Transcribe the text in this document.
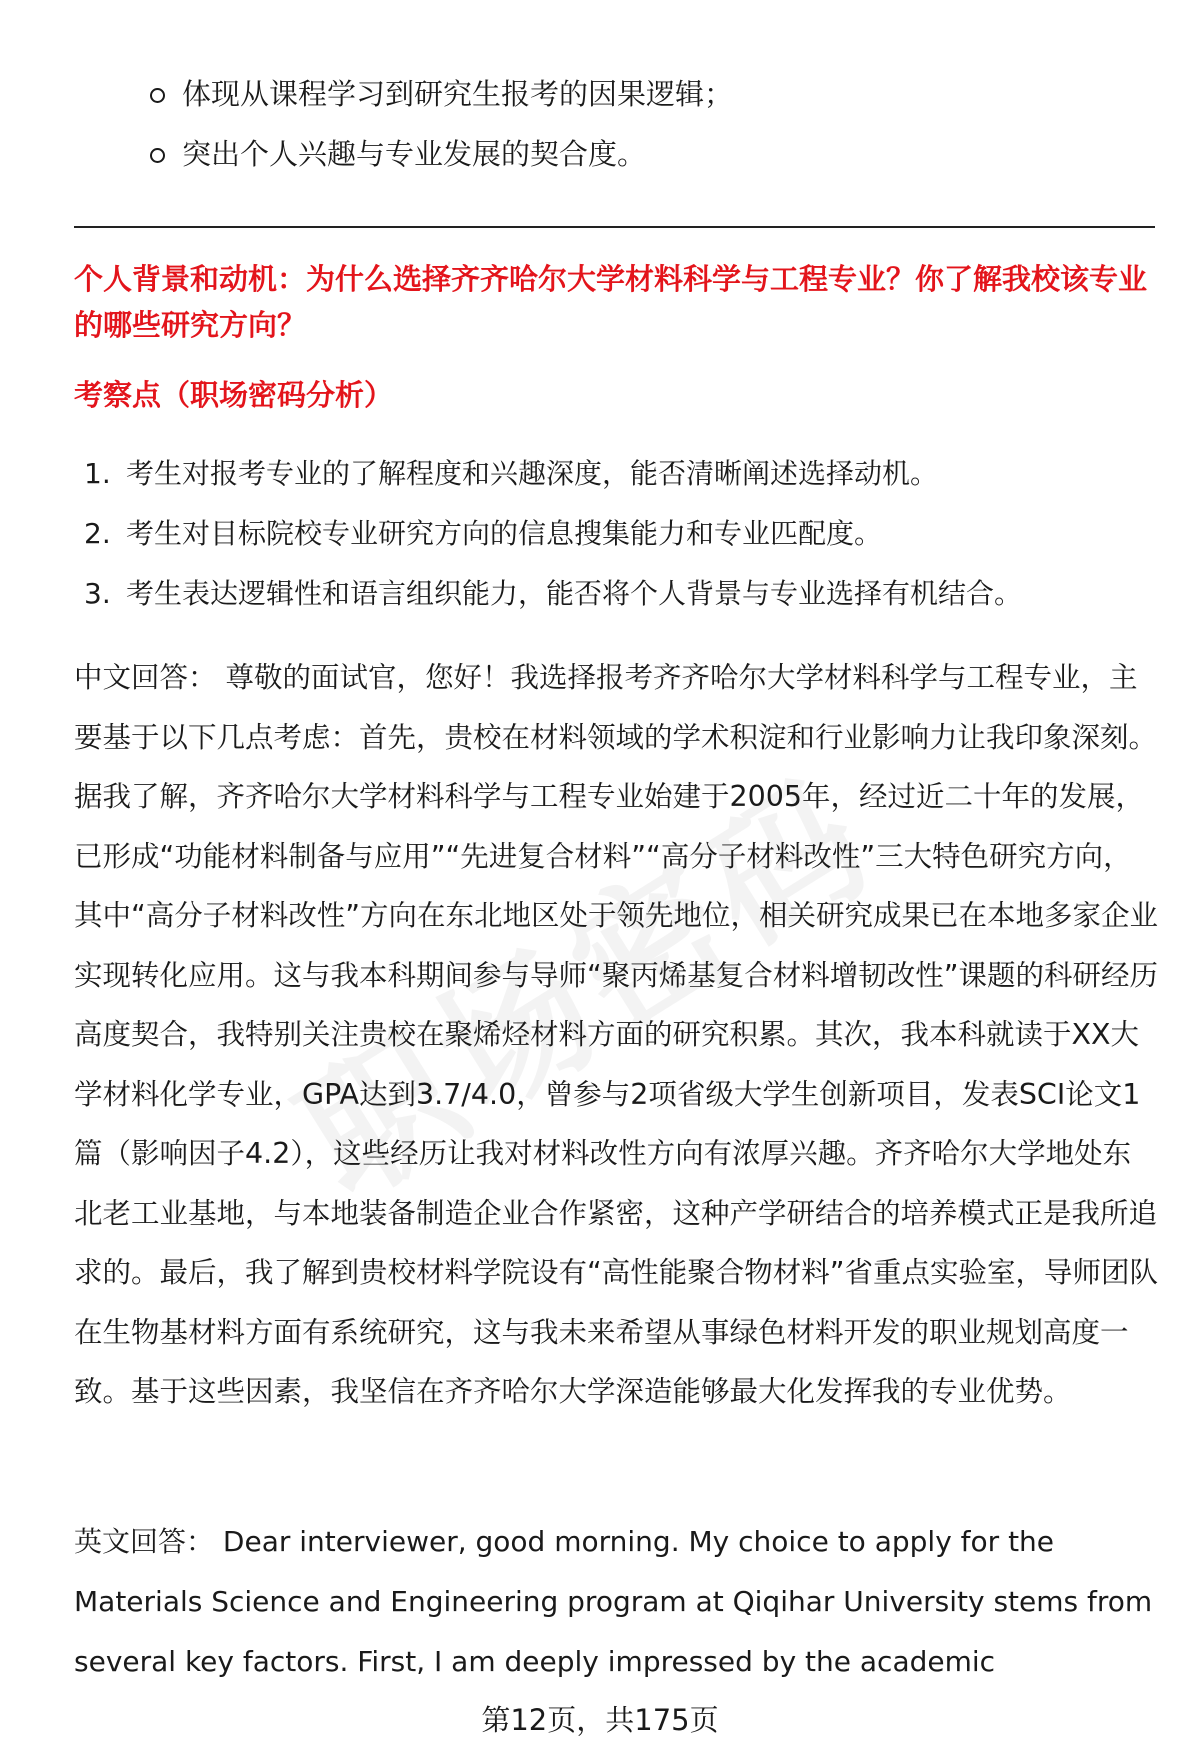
体现从课程学习到研究生报考的因果逻辑；
突出个人兴趣与专业发展的契合度。
个人背景和动机：为什么选择齐齐哈尔大学材料科学与工程专业？你了解我校该专业的哪些研究方向？
考察点（职场密码分析）
1. 考生对报考专业的了解程度和兴趣深度，能否清晰阐述选择动机。
2. 考生对目标院校专业研究方向的信息搜集能力和专业匹配度。
3. 考生表达逻辑性和语言组织能力，能否将个人背景与专业选择有机结合。

中文回答： 尊敬的面试官，您好！我选择报考齐齐哈尔大学材料科学与工程专业，主要基于以下几点考虑：首先，贵校在材料领域的学术积淀和行业影响力让我印象深刻。据我了解，齐齐哈尔大学材料科学与工程专业始建于2005年，经过近二十年的发展，已形成“功能材料制备与应用”“先进复合材料”“高分子材料改性”三大特色研究方向，其中“高分子材料改性”方向在东北地区处于领先地位，相关研究成果已在本地多家企业实现转化应用。这与我本科期间参与导师“聚丙烯基复合材料增韧改性”课题的科研经历高度契合，我特别关注贵校在聚烯烃材料方面的研究积累。其次，我本科就读于XX大学材料化学专业，GPA达到3.7/4.0，曾参与2项省级大学生创新项目，发表SCI论文1篇（影响因子4.2），这些经历让我对材料改性方向有浓厚兴趣。齐齐哈尔大学地处东北老工业基地，与本地装备制造企业合作紧密，这种产学研结合的培养模式正是我所追求的。最后，我了解到贵校材料学院设有“高性能聚合物材料”省重点实验室，导师团队在生物基材料方面有系统研究，这与我未来希望从事绿色材料开发的职业规划高度一致。基于这些因素，我坚信在齐齐哈尔大学深造能够最大化发挥我的专业优势。

英文回答： Dear interviewer, good morning. My choice to apply for the Materials Science and Engineering program at Qiqihar University stems from several key factors. First, I am deeply impressed by the academic

第12页，共175页
